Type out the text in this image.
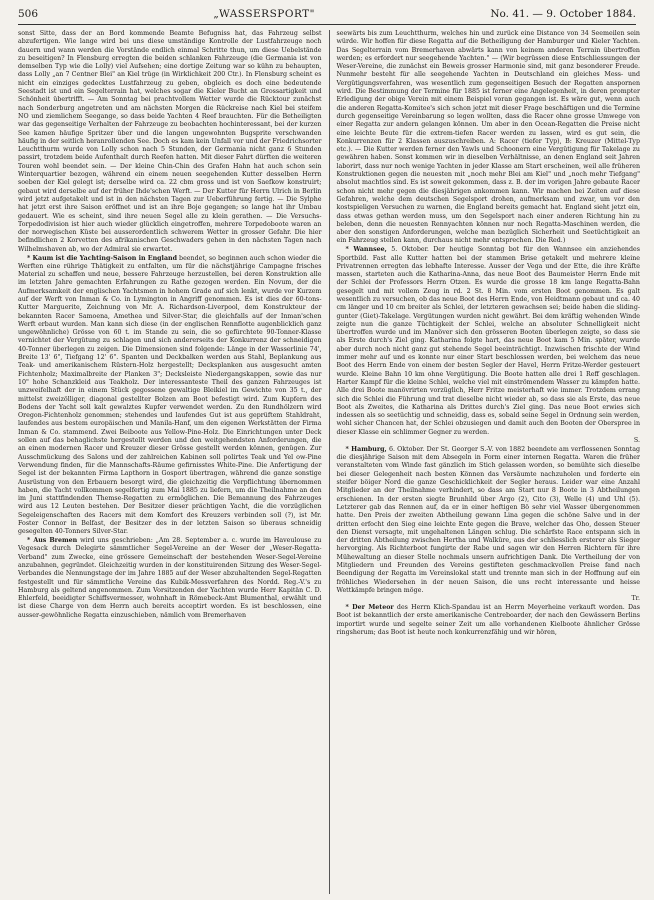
506	„WASSERSPORT"	No. 41. — 9. October 1884.

sonst Sitte, dass der an Bord kommende Beamte Befugniss hat, das Fahrzeug selbst abzufertigen. Wie lange wird bei uns diese umständige Kontrolle der Lustfahrzeuge noch dauern und wann werden die Vorstände endlich einmal Schritte thun, um diese Uebelstände zu beseitigen? In Flensburg erregten die beiden schlanken Fahrzeuge (die Germania ist von demselben Typ wie die Lolly) viel Aufsehen; eine dortige Zeitung war so kühn zu behaupten, dass Lolly „an 7 Centner Blei" an Kiel trüge (in Wirklichkeit 200 Ctr.). In Flensburg scheint es nicht ein einziges gedecktes Lustfahrzeug zu geben, obgleich es doch eine bedeutende Seestadt ist und ein Segelterrain hat, welches sogar die Kieler Bucht an Grossartigkeit und Schönheit übertrifft. — Am Sonntag bei prachtvollem Wetter wurde die Rücktour zunächst nach Sonderburg angetreten und am nächsten Morgen die Rückreise nach Kiel bei steifem NO und ziemlichem Seegange, so dass beide Yachten 4 Reef brauchten. Für die Betheiligten war das gegenseitige Verhalten der Fahrzeuge zu beobachten hochinteressant, bei der kurzen See kamen häufige Spritzer über und die langen ungewohnten Bugsprite verschwanden häufig in der seitlich heranrollenden See. Doch es kam kein Unfall vor und der Friedrichsorter Leuchtthurm wurde von Lolly schon nach 5 Stunden, der Germania nicht ganz 6 Stunden passirt, trotzdem beide Aufenthalt durch Reefen hatten. Mit dieser Fahrt dürften die weiteren Touren wohl beendet sein. — Der kleine Chin-Chin des Grafen Hahn hat auch schon sein Winterquartier bezogen, während ein einem neuen seegehenden Kutter desselben Herrn soeben der Kiel gelegt ist; derselbe wird ca. 22 cbm gross und ist von Saefkow konstruirt; gebaut wird derselbe auf der früher Ihde'schen Werft. — Der Kutter für Herrn Ulrich in Berlin wird jetzt aufgetakelt und ist in den nächsten Tagen zur Ueberführung fertig. — Die Sylphe hat jetzt erst ihre Saison eröffnet und ist an ihre Boje gegangen; so lange hat ihr Umbau gedauert. Wie es scheint, sind ihre neuen Segel alle zu klein gerathen. — Die Versuchs-Torpedodivision ist hier auch wieder glücklich eingetroffen, mehrere Torpedoboote waren an der norwegischen Küste bei ausserordentlich schwerem Wetter in grosser Gefahr. Die hier befindlichen 2 Korvetten des afrikanischen Geschwaders gehen in den nächsten Tagen nach Wilhelmshaven ab, wo der Admiral sie erwartet.

* Kaum ist die Yachting-Saison in England beendet, so beginnen auch schon wieder die Werften eine rührige Thätigkeit zu entfalten, um für die nächstjährige Campagne frisches Material zu schaffen und neue, bessere Fahrzeuge herzustellen, bei deren Konstruktion alle im letzten Jahre gemachten Erfahrungen zu Rathe gezogen werden. Ein Novum, der die Aufmerksamkeit der englischen Yachtsmen in hohem Grade auf sich lenkt, wurde vor Kurzem auf der Werft von Inman & Co. in Lymington in Angriff genommen. Es ist dies der 60-tons-Kutter Marguerite, Zeichnung von Mr. A. Richardson-Liverpool, dem Konstrukteur der bekannten Racer Samoena, Amethea und Silver-Star, die gleichfalls auf der Inman'schen Werft erbaut wurden. Man kann sich diese (in der englischen Rennflotte augenblicklich ganz ungewöhnliche) Grösse von 60 t. im Stande zu sein, die so gefürchtete 90-Tonner-Klasse vernichtet der Vergütung zu schlagen und sich andererseits der Konkurrenz der schneidigen 40-Tonner überlegen zu zeigen. Die Dimensionen sind folgende: Länge in der Wasserlinie 74', Breite 13' 6", Tiefgang 12' 6". Spanten und Deckbalken werden aus Stahl, Beplankung aus Teak- und amerikanischem Rüstern-Holz hergestellt; Decksplanken aus ausgesucht amten Fichtenholz; Maximalbreite der Planken 3"; Decksleiste Niedergangskappen, sowie das nur 10" hohe Schanzkleid aus Teakholz. Der interessanteste Theil des ganzen Fahrzeuges ist unzweifelhaft der in einem Stück gegossene gewaltige Bleikiel im Gewichte von 35 t., der mittelst zweizölliger, diagonal gestellter Bolzen am Boot befestigt wird. Zum Kupfern des Bodens der Yacht soll kalt gewalztes Kupfer verwendet werden. Zu den Rundhölzern wird Oregon-Fichtenholz genommen; stehendes und laufendes Gut ist aus geprüftem Stahldraht, laufendes aus bestem europäischen und Manila-Hanf, um den eigenen Werkstätten der Firma Inman & Co. stammend. Zwei Beiboote aus Yellow-Pine-Holz. Die Einrichtungen unter Deck sollen auf das behaglichste hergestellt werden und den weitgehendsten Anforderungen, die an einen modernen Racer und Kreuzer dieser Grösse gestellt werden können, genügen. Zur Ausschmückung des Salons und der zahlreichen Kabinen soll polirtes Teak und Yel ow-Pine Verwendung finden, für die Mannschafts-Räume gefirnisstes White-Pine. Die Anfertigung der Segel ist der bekannten Firma Lapthorn in Gosport übertragen, während die ganze sonstige Ausrüstung von den Erbauern besorgt wird, die gleichzeitig die Verpflichtung übernommen haben, die Yacht vollkommen segelfertig zum Mai 1885 zu liefern, um die Theilnahme an den im Juni stattfindenden Themse-Regatten zu ermöglichen. Die Bemannung des Fahrzeuges wird aus 12 Leuten bestehen. Der Besitzer dieser prächtigen Yacht, die die vorzüglichen Segeleigenschaften des Racers mit dem Komfort des Kreuzers verbinden soll (?), ist Mr. Foster Connor in Belfast, der Besitzer des in der letzten Saison so überaus schneidig gesegelten 40-Tonners Silver-Star.

* Aus Bremen wird uns geschrieben: „Am 28. September a. c. wurde im Haveulouse zu Vegesack durch Delegirte sämmtlicher Segel-Vereine an der Weser der „Weser-Regatta-Verband" zum Zwecke, eine grössere Gemeinschaft der bestehenden Weser-Segel-Vereine anzubahnen, gegründet. Gleichzeitig wurden in der konstituirenden Sitzung des Weser-Segel-Verbandes die Nennungstage der im Jahre 1885 auf der Weser abzuhaltenden Segel-Regatten festgestellt und für sämmtliche Vereine das Kubik-Messverfahren des Nordd. Reg.-V.'s zu Hamburg als geltend angenommen. Zum Vorsitzenden der Yachten wurde Herr Kapitän C. D. Ehlerfeld, beeidigter Schiffsvermesser, wohnhaft in Römebeck-Amt Blumenthal, erwählt und ist diese Charge von dem Herrn auch bereits acceptirt worden. Es ist beschlossen, eine ausser-gewöhnliche Regatta einzuschieben, nämlich vom Bremerhaven

seewärts bis zum Leuchtthurm, welches hin und zurück eine Distance von 34 Seemeilen sein würde. Wir hoffen für diese Regatta auf die Betheiligung der Hamburger und Kieler Yachten. Das Segelterrain vom Bremerhaven abwärts kann von keinem anderen Terrain übertroffen werden; es erfordert nur seegehende Yachten." — (Wir begrüssen diese Entschliessungen der Weser-Vereine, die zunächst ein Beweis grosser Harmonie sind, mit ganz besonderer Freude. Nunmehr besteht für alle seegehende Yachten in Deutschland ein gleiches Mess- und Vergütigungsverfahren, was wesentlich zum gegenseitigen Besuch der Regatten anspornen wird. Die Bestimmung der Termine für 1885 ist ferner eine Angelegenheit, in deren prompter Erledigung der obige Verein mit einem Beispiel voran gegangen ist. Es wäre gut, wenn auch die anderen Regatta-Komitee's sich schon jetzt mit dieser Frage beschäftigen und die Termine durch gegenseitige Vereinbarung so legen wollten, dass die Racer ohne grosse Umwege von einer Regatta zur andern gelangen können. Um aber in den Ocean-Regatten die Preise nicht eine leichte Beute für die extrem-tiefen Racer werden zu lassen, wird es gut sein, die Konkurrenzen für 2 Klassen auszuschreiben. A: Racer (tiefer Typ), B: Kreuzer (Mittel-Typ etc.). — Die Kutter werden ferner den Yawls und Schoonern eine Vergütigung für Takelage zu gewähren haben. Sonst kommen wir in dieselben Verhältnisse, an denen England seit Jahren laborirt, dass nur noch wenige Yachten in jeder Klasse am Start erscheinen, weil alle früheren Konstruktionen gegen die neuesten mit „noch mehr Blei am Kiel" und „noch mehr Tiefgang" absolut machtlos sind. Es ist soweit gekommen, dass z. B. der im vorigen Jahre gebaute Racer schon nicht mehr gegen die diesjährigen ankommen kann. Wir machen bei Zeiten auf diese Gefahren, welche dem deutschen Segelsport drohen, aufmerksam und zwar, um vor den kostspieligen Versuchen zu warnen, die England bereits gemacht hat. England sieht jetzt ein, dass etwas gethan werden muss, um den Segelsport nach einer anderen Richtung hin zu beleben, denn die neuesten Rennyachten können nur noch Regatta-Maschinen werden, die aber den sonstigen Anforderungen, welche man bezüglich Sicherheit und Seetüchtigkeit an ein Fahrzeug stellen kann, durchaus nicht mehr entsprechen. Die Red.)

* Wannsee, 5. Oktober. Der heutige Sonntag bot für den Wannsee ein anziehendes Sportbild. Fast alle Kutter hatten bei der stammen Brise getakelt und mehrere kleine Privatrennen erregten das lebhafte Interesse. Ausser der Vega und der Ette, die ihre Kräfte massen, starteten auch die Katharina-Anna, das neue Boot des Baumeister Herrn Ende mit der Schlei der Professors Herrn Otzen. Es wurde die grosse 18 km lange Regatta-Bahn gesegelt und mit vollem Zeug in rd. 2 St. 8 Min. vom ersten Boot genommen. Es galt wesentlich zu versuchen, ob das neue Boot des Herrn Ende, von Heidtmann gebaut und ca. 40 cm länger und 10 cm breiter als Schlei, der letzteren gewachsen sei; beide haben die sliding-gunter (Giet)-Takelage. Vergütungen wurden nicht gewährt. Bei dem kräftig wehenden Winde zeigte nun die ganze Tüchtigkeit der Schlei, welche an absoluter Schnelligkeit nicht übertroffen wurde und im Manöver sich den grösseren Booten überlegen zeigte, so dass sie als Erste durch's Ziel ging. Katharina folgte hart, das neue Boot kam 5 Min. später, wurde aber durch noch nicht ganz gut stehende Segel beeinträchtigt. Inzwischen frischte der Wind immer mehr auf und es konnte nur einer Start beschlossen werden, bei welchem das neue Boot des Herrn Ende von einem der besten Segler der Havel, Herrn Fritze-Werder gesteuert wurde. Kleine Bahn 10 km ohne Vergütigung. Die Boote hatten alle drei 1 Reff geschlagen. Harter Kampf für die kleine Schlei, welche viel mit einströmendem Wasser zu kämpfen hatte. Alle drei Boote manövrirten vorzüglich, Herr Fritze meisterhaft wie immer. Trotzdem errang sich die Schlei die Führung und trat dieselbe nicht wieder ab, so dass sie als Erste, das neue Boot als Zweites, die Katharina als Drittes durch's Ziel ging. Das neue Boot erwies sich indessen als so seetüchtig und schneidig, dass es, sobald seine Segel in Ordnung sein werden, wohl sicher Chancen hat, der Schlei obzusiegen und damit auch den Booten der Oberspree in dieser Klasse ein schlimmer Gegner zu werden.

S.

* Hamburg, 6. Oktober. Der St. Georger S.-V. von 1882 beendete am verflossenen Sonntag die diesjährige Saison mit dem Absegeln in Form einer internen Regatta. Waren die früher veranstalteten vom Winde fast gänzlich im Stich gelassen worden, so bemühte sich dieselbe bei dieser Gelegenheit nach besten Können das Versäumte nachzuholen und forderte ein steifer böiger Nord die ganze Geschicklichkeit der Segler heraus. Leider war eine Anzahl Mitglieder an der Theilnahme verhindert, so dass am Start nur 8 Boote in 3 Abtheilungen erschienen. In der ersten siegte Brunhild über Argo (2), Cito (3), Welle (4) und Uhl (5). Letzterer gab das Rennen auf, da er in einer heftigen Bö sehr viel Wasser übergenommen hatte. Den Preis der zweiten Abtheilung gewann Lina gegen die schöne Salve und in der dritten erfocht den Sieg eine leichte Ente gegen die Brave, welcher das Oho, dessen Steuer den Dienst versagte, mit ungehaltenen Längen schlug. Die schärfste Race entspann sich in der dritten Abtheilung zwischen Hertha und Walküre, aus der schliesslich ersterer als Sieger hervorging. Als Richterboot fungirte der Rabe und sagen wir den Herren Richtern für ihre Mühewaltung an dieser Stelle nochmals unsern aufrichtigen Dank. Die Vertheilung der von Mitgliedern und Freunden des Vereins gestifteten geschmackvollen Preise fand nach Beendigung der Regatta im Vereinslokal statt und trennte man sich in der Hoffnung auf ein fröhliches Wiedersehen in der neuen Saison, die uns recht interessante und heisse Wettkämpfe bringen möge.

Tr.

* Der Meteor des Herrn Klich-Spandau ist an Herrn Meyerheine verkauft worden. Das Boot ist bekanntlich der erste amerikanische Centreboarder, der nach den Gewässern Berlins importirt wurde und segelte seiner Zeit um alle vorhandenen Kielboote ähnlicher Grösse ringsherum; das Boot ist heute noch konkurrenzfähig und wir hören,
